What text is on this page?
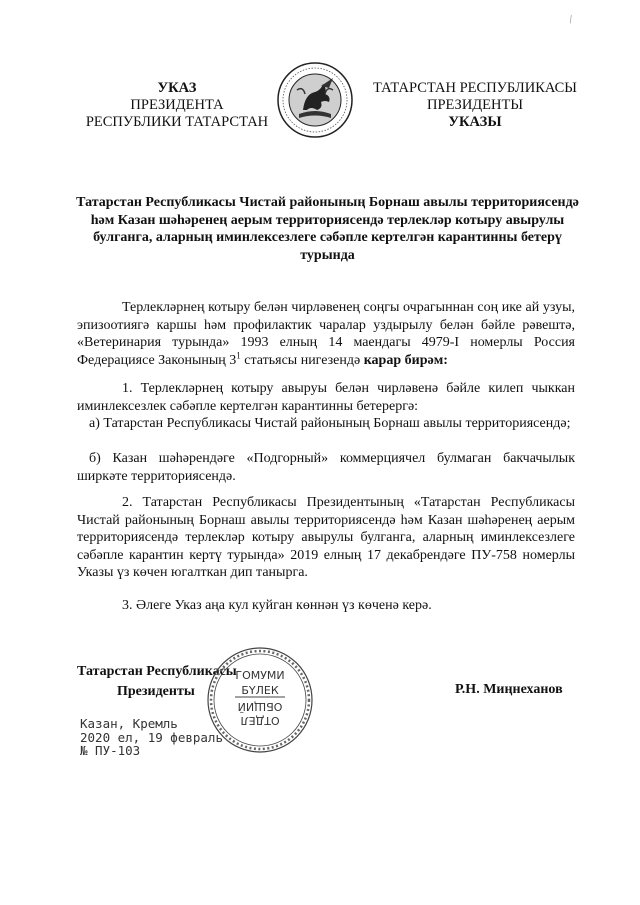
\
УКАЗ
ПРЕЗИДЕНТА
РЕСПУБЛИКИ ТАТАРСТАН
ТАТАРСТАН РЕСПУБЛИКАСЫ
ПРЕЗИДЕНТЫ
УКАЗЫ
Татарстан Республикасы Чистай районының Борнаш авылы территориясендә һәм Казан шәһәренең аерым территориясендә терлекләр котыру авырулы булганга, аларның иминлексезлеге сәбәпле кертелгән карантинны бетерү турында
Терлекләрнең котыру белән чирләвенең соңгы очрагыннан соң ике ай узуы, эпизоотиягә каршы һәм профилактик чаралар уздырылу белән бәйле рәвештә, «Ветеринария турында» 1993 елның 14 маендагы 4979-I номерлы Россия Федерациясе Законының $3^1$ статьясы нигезендә карар бирәм:
1. Терлекләрнең котыру авыруы белән чирләвенә бәйле килеп чыккан иминлексезлек сәбәпле кертелгән карантинны бетерергә:
а) Татарстан Республикасы Чистай районының Борнаш авылы территориясендә;
б) Казан шәһәрендәге «Подгорный» коммерциячел булмаган бакчачылык ширкәте территориясендә.
2. Татарстан Республикасы Президентының «Татарстан Республикасы Чистай районының Борнаш авылы территориясендә һәм Казан шәһәренең аерым территориясендә терлекләр котыру авырулы булганга, аларның иминлексезлеге сәбәпле карантин кертү турында» 2019 елның 17 декабрендәге ПУ-758 номерлы Указы үз көчен югалткан дип танырга.
3. Әлеге Указ аңа кул куйган көннән үз көченә керә.
Татарстан Республикасы
Президенты
ГОМУМИ
БҮЛЕК
ОБЩИЙ
ОТДЕЛ
Р.Н. Миңнеханов
Казан, Кремль
2020 ел, 19 февраль
№ ПУ-103
